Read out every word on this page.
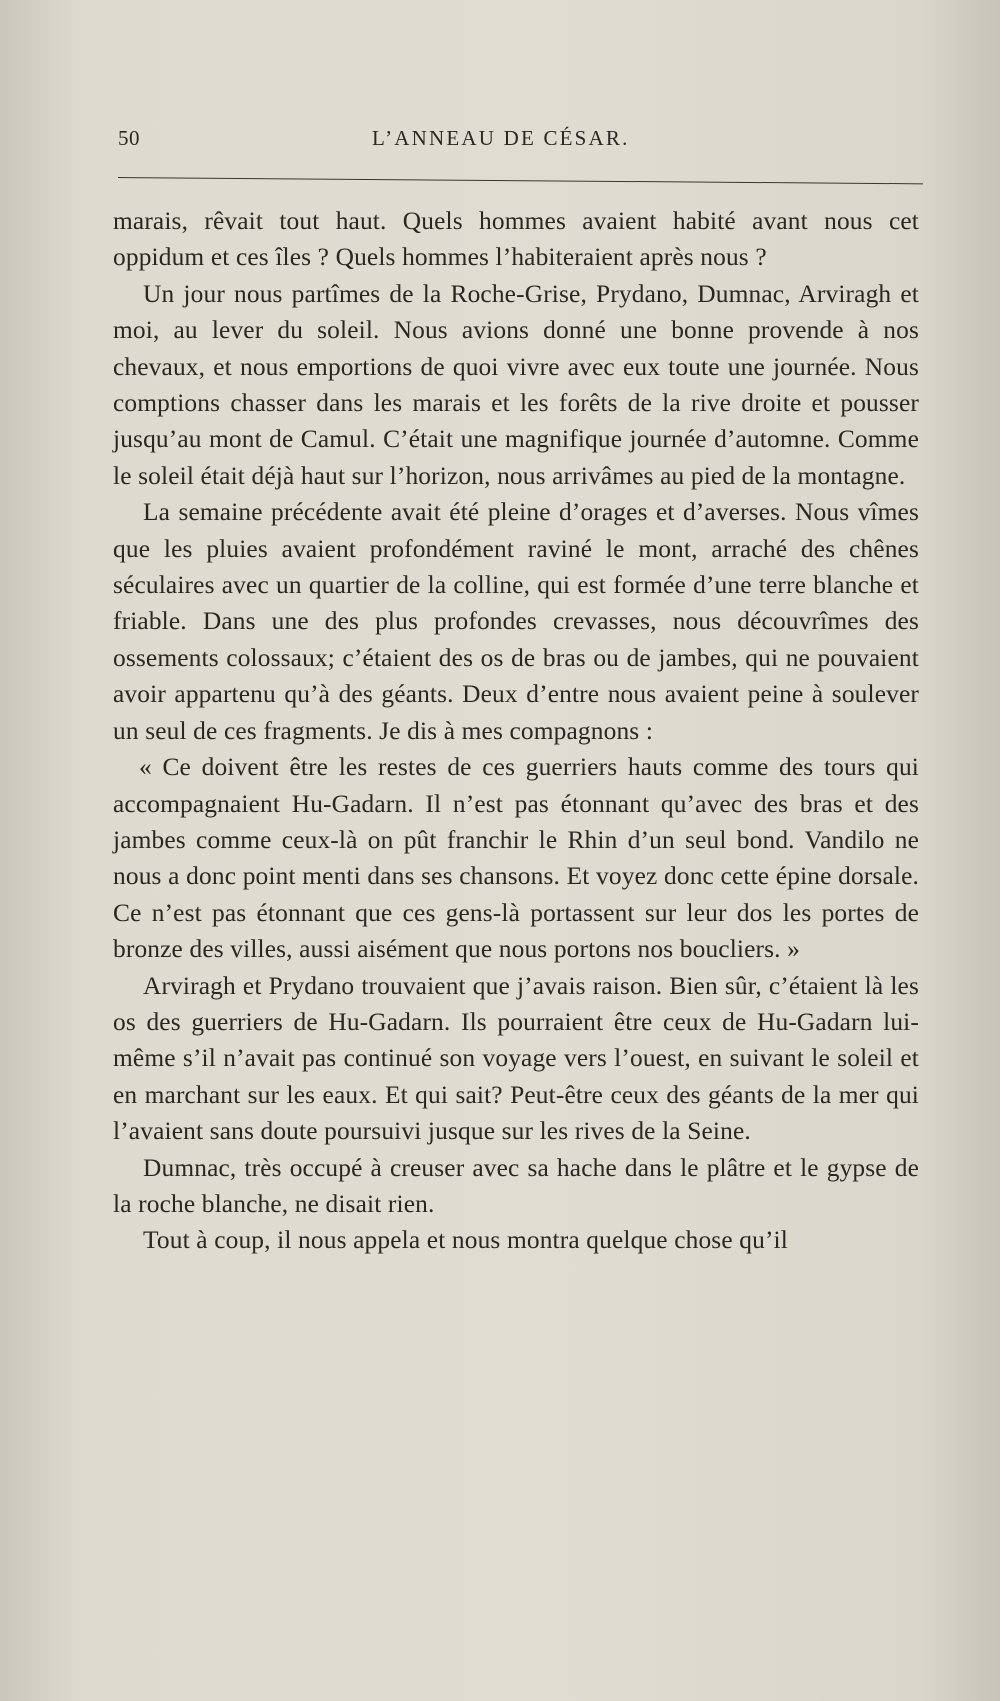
50	L’ANNEAU DE CÉSAR.

marais, rêvait tout haut. Quels hommes avaient habité avant nous cet oppidum et ces îles ? Quels hommes l’habiteraient après nous ?

Un jour nous partîmes de la Roche-Grise, Prydano, Dumnac, Arviragh et moi, au lever du soleil. Nous avions donné une bonne provende à nos chevaux, et nous emportions de quoi vivre avec eux toute une journée. Nous comptions chasser dans les marais et les forêts de la rive droite et pousser jusqu’au mont de Camul. C’était une magnifique journée d’automne. Comme le soleil était déjà haut sur l’horizon, nous arrivâmes au pied de la montagne.

La semaine précédente avait été pleine d’orages et d’averses. Nous vîmes que les pluies avaient profondément raviné le mont, arraché des chênes séculaires avec un quartier de la colline, qui est formée d’une terre blanche et friable. Dans une des plus profondes crevasses, nous découvrîmes des ossements colossaux; c’étaient des os de bras ou de jambes, qui ne pouvaient avoir appartenu qu’à des géants. Deux d’entre nous avaient peine à soulever un seul de ces fragments. Je dis à mes compagnons :

« Ce doivent être les restes de ces guerriers hauts comme des tours qui accompagnaient Hu-Gadarn. Il n’est pas étonnant qu’avec des bras et des jambes comme ceux-là on pût franchir le Rhin d’un seul bond. Vandilo ne nous a donc point menti dans ses chansons. Et voyez donc cette épine dorsale. Ce n’est pas étonnant que ces gens-là portassent sur leur dos les portes de bronze des villes, aussi aisément que nous portons nos boucliers. »

Arviragh et Prydano trouvaient que j’avais raison. Bien sûr, c’étaient là les os des guerriers de Hu-Gadarn. Ils pourraient être ceux de Hu-Gadarn lui-même s’il n’avait pas continué son voyage vers l’ouest, en suivant le soleil et en marchant sur les eaux. Et qui sait? Peut-être ceux des géants de la mer qui l’avaient sans doute poursuivi jusque sur les rives de la Seine.

Dumnac, très occupé à creuser avec sa hache dans le plâtre et le gypse de la roche blanche, ne disait rien.

Tout à coup, il nous appela et nous montra quelque chose qu’il
